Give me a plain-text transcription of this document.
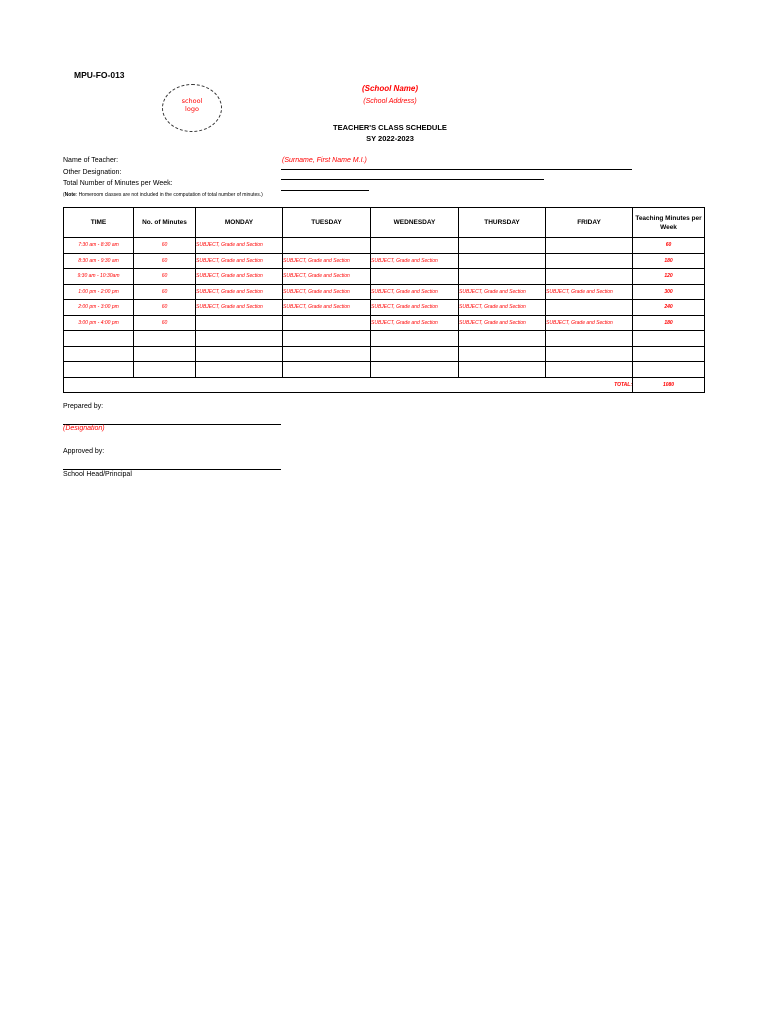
MPU-FO-013
school
logo
(School Name)
(School Address)
TEACHER'S CLASS SCHEDULE
SY 2022-2023
Name of Teacher:	(Surname, First Name M.I.)
Other Designation:
Total Number of Minutes per Week:
(Note: Homeroom classes are not included in the computation of total number of minutes.)
TIME	No. of Minutes	MONDAY	TUESDAY	WEDNESDAY	THURSDAY	FRIDAY	Teaching Minutes per Week
7:30 am - 8:30 am	60	SUBJECT, Grade and Section					60
8:30 am - 9:30 am	60	SUBJECT, Grade and Section	SUBJECT, Grade and Section	SUBJECT, Grade and Section			180
9:30 am - 10:30am	60	SUBJECT, Grade and Section	SUBJECT, Grade and Section				120
1:00 pm - 2:00 pm	60	SUBJECT, Grade and Section	SUBJECT, Grade and Section	SUBJECT, Grade and Section	SUBJECT, Grade and Section	SUBJECT, Grade and Section	300
2:00 pm - 3:00 pm	60	SUBJECT, Grade and Section	SUBJECT, Grade and Section	SUBJECT, Grade and Section	SUBJECT, Grade and Section		240
3:00 pm - 4:00 pm	60			SUBJECT, Grade and Section	SUBJECT, Grade and Section	SUBJECT, Grade and Section	180

TOTAL:							1080
Prepared by:
(Designation)
Approved by:
School Head/Principal
